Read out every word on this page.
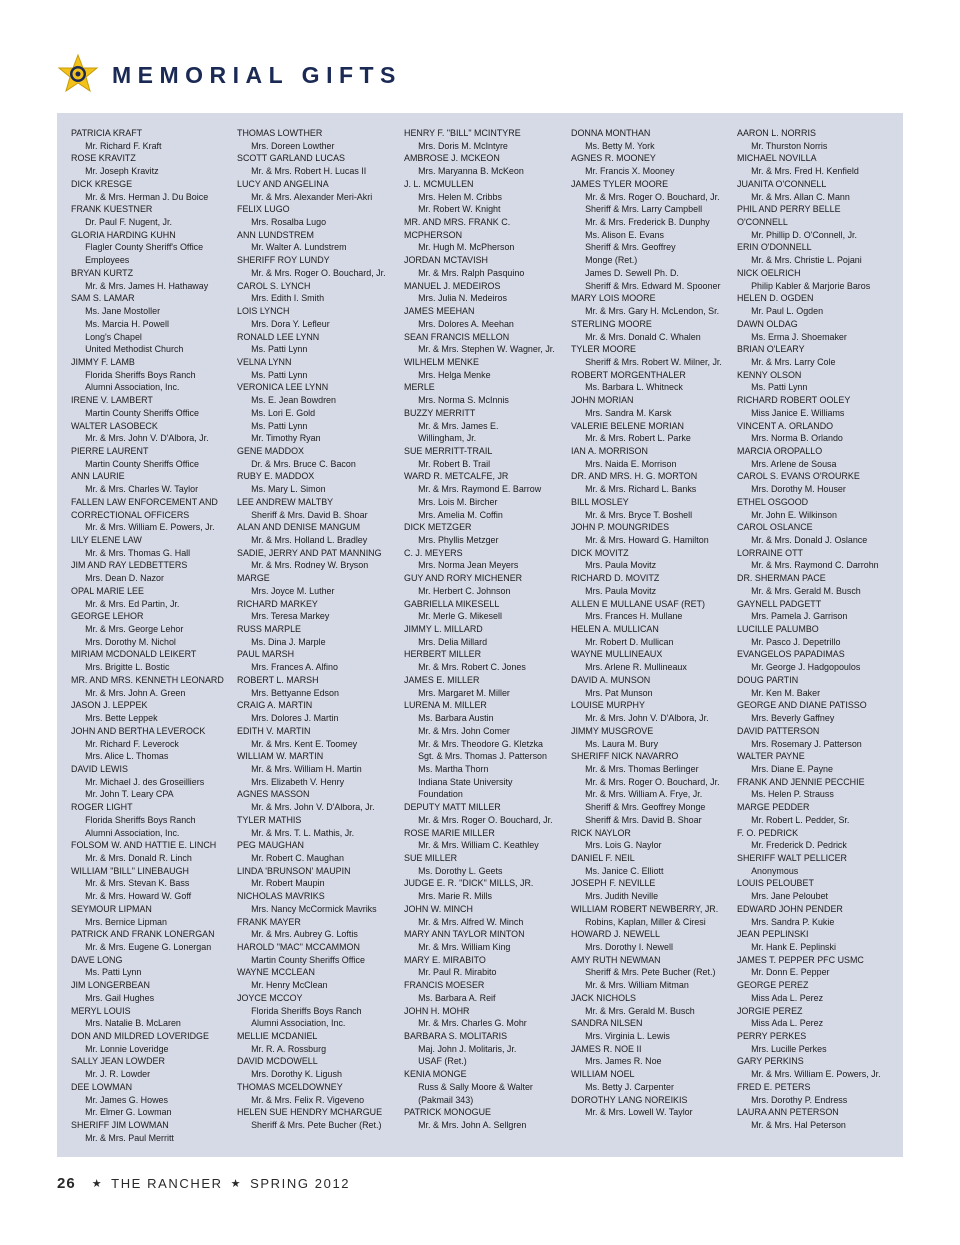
MEMORIAL GIFTS
PATRICIA KRAFT
Mr. Richard F. Kraft
ROSE KRAVITZ
Mr. Joseph Kravitz
DICK KRESGE
Mr. & Mrs. Herman J. Du Boice
FRANK KUESTNER
Dr. Paul F. Nugent, Jr.
GLORIA HARDING KUHN
Flagler County Sheriff's Office
Employees
BRYAN KURTZ
Mr. & Mrs. James H. Hathaway
SAM S. LAMAR
Ms. Jane Mostoller
Ms. Marcia H. Powell
Long's Chapel
United Methodist Church
JIMMY F. LAMB
Florida Sheriffs Boys Ranch
Alumni Association, Inc.
IRENE V. LAMBERT
Martin County Sheriffs Office
WALTER LASOBECK
Mr. & Mrs. John V. D'Albora, Jr.
PIERRE LAURENT
Martin County Sheriffs Office
ANN LAURIE
Mr. & Mrs. Charles W. Taylor
FALLEN LAW ENFORCEMENT AND
CORRECTIONAL OFFICERS
Mr. & Mrs. William E. Powers, Jr.
LILY ELENE LAW
Mr. & Mrs. Thomas G. Hall
JIM AND RAY LEDBETTERS
Mrs. Dean D. Nazor
OPAL MARIE LEE
Mr. & Mrs. Ed Partin, Jr.
GEORGE LEHOR
Mr. & Mrs. George Lehor
Mrs. Dorothy M. Nichol
MIRIAM MCDONALD LEIKERT
Mrs. Brigitte L. Bostic
MR. AND MRS. KENNETH LEONARD
Mr. & Mrs. John A. Green
JASON J. LEPPEK
Mrs. Bette Leppek
JOHN AND BERTHA LEVEROCK
Mr. Richard F. Leverock
Mrs. Alice L. Thomas
DAVID LEWIS
Mr. Michael J. des Groseilliers
Mr. John T. Leary CPA
ROGER LIGHT
Florida Sheriffs Boys Ranch
Alumni Association, Inc.
FOLSOM W. AND HATTIE E. LINCH
Mr. & Mrs. Donald R. Linch
WILLIAM "BILL" LINEBAUGH
Mr. & Mrs. Stevan K. Bass
Mr. & Mrs. Howard W. Goff
SEYMOUR LIPMAN
Mrs. Bernice Lipman
PATRICK AND FRANK LONERGAN
Mr. & Mrs. Eugene G. Lonergan
DAVE LONG
Ms. Patti Lynn
JIM LONGERBEAN
Mrs. Gail Hughes
MERYL LOUIS
Mrs. Natalie B. McLaren
DON AND MILDRED LOVERIDGE
Mr. Lonnie Loveridge
SALLY JEAN LOWDER
Mr. J. R. Lowder
DEE LOWMAN
Mr. James G. Howes
Mr. Elmer G. Lowman
SHERIFF JIM LOWMAN
Mr. & Mrs. Paul Merritt
THOMAS LOWTHER
Mrs. Doreen Lowther
SCOTT GARLAND LUCAS
Mr. & Mrs. Robert H. Lucas II
LUCY AND ANGELINA
Mr. & Mrs. Alexander Meri-Akri
FELIX LUGO
Mrs. Rosalba Lugo
ANN LUNDSTREM
Mr. Walter A. Lundstrem
SHERIFF ROY LUNDY
Mr. & Mrs. Roger O. Bouchard, Jr.
CAROL S. LYNCH
Mrs. Edith I. Smith
LOIS LYNCH
Mrs. Dora Y. Lefleur
RONALD LEE LYNN
Ms. Patti Lynn
VELNA LYNN
Ms. Patti Lynn
VERONICA LEE LYNN
Ms. E. Jean Bowdren
Ms. Lori E. Gold
Ms. Patti Lynn
Mr. Timothy Ryan
GENE MADDOX
Dr. & Mrs. Bruce C. Bacon
RUBY E. MADDOX
Ms. Mary L. Simon
LEE ANDREW MALTBY
Sheriff & Mrs. David B. Shoar
ALAN AND DENISE MANGUM
Mr. & Mrs. Holland L. Bradley
SADIE, JERRY AND PAT MANNING
Mr. & Mrs. Rodney W. Bryson
MARGE
Mrs. Joyce M. Luther
RICHARD MARKEY
Mrs. Teresa Markey
RUSS MARPLE
Ms. Dina J. Marple
PAUL MARSH
Mrs. Frances A. Alfino
ROBERT L. MARSH
Mrs. Bettyanne Edson
CRAIG A. MARTIN
Mrs. Dolores J. Martin
EDITH V. MARTIN
Mr. & Mrs. Kent E. Toomey
WILLIAM W. MARTIN
Mr. & Mrs. William H. Martin
Mrs. Elizabeth V. Henry
AGNES MASSON
Mr. & Mrs. John V. D'Albora, Jr.
TYLER MATHIS
Mr. & Mrs. T. L. Mathis, Jr.
PEG MAUGHAN
Mr. Robert C. Maughan
LINDA 'BRUNSON' MAUPIN
Mr. Robert Maupin
NICHOLAS MAVRIKS
Mrs. Nancy McCormick Mavriks
FRANK MAYER
Mr. & Mrs. Aubrey G. Loftis
HAROLD "MAC" MCCAMMON
Martin County Sheriffs Office
WAYNE MCCLEAN
Mr. Henry McClean
JOYCE MCCOY
Florida Sheriffs Boys Ranch
Alumni Association, Inc.
MELLIE MCDANIEL
Mr. R. A. Rossburg
DAVID MCDOWELL
Mrs. Dorothy K. Ligush
THOMAS MCELDOWNEY
Mr. & Mrs. Felix R. Vigeveno
HELEN SUE HENDRY MCHARGUE
Sheriff & Mrs. Pete Bucher (Ret.)
HENRY F. "BILL" MCINTYRE
Mrs. Doris M. McIntyre
AMBROSE J. MCKEON
Mrs. Maryanna B. McKeon
J. L. MCMULLEN
Mrs. Helen M. Cribbs
Mr. Robert W. Knight
MR. AND MRS. FRANK C.
MCPHERSON
Mr. Hugh M. McPherson
JORDAN MCTAVISH
Mr. & Mrs. Ralph Pasquino
MANUEL J. MEDEIROS
Mrs. Julia N. Medeiros
JAMES MEEHAN
Mrs. Dolores A. Meehan
SEAN FRANCIS MELLON
Mr. & Mrs. Stephen W. Wagner, Jr.
WILHELM MENKE
Mrs. Helga Menke
MERLE
Mrs. Norma S. McInnis
BUZZY MERRITT
Mr. & Mrs. James E.
Willingham, Jr.
SUE MERRITT-TRAIL
Mr. Robert B. Trail
WARD R. METCALFE, JR
Mr. & Mrs. Raymond E. Barrow
Mrs. Lois M. Bircher
Mrs. Amelia M. Coffin
DICK METZGER
Mrs. Phyllis Metzger
C. J. MEYERS
Mrs. Norma Jean Meyers
GUY AND RORY MICHENER
Mr. Herbert C. Johnson
GABRIELLA MIKESELL
Mr. Merle G. Mikesell
JIMMY L. MILLARD
Mrs. Delia Millard
HERBERT MILLER
Mr. & Mrs. Robert C. Jones
JAMES E. MILLER
Mrs. Margaret M. Miller
LURENA M. MILLER
Ms. Barbara Austin
Mr. & Mrs. John Comer
Mr. & Mrs. Theodore G. Kletzka
Sgt. & Mrs. Thomas J. Patterson
Ms. Martha Thorn
Indiana State University
Foundation
DEPUTY MATT MILLER
Mr. & Mrs. Roger O. Bouchard, Jr.
ROSE MARIE MILLER
Mr. & Mrs. William C. Keathley
SUE MILLER
Ms. Dorothy L. Geets
JUDGE E. R. "DICK" MILLS, JR.
Mrs. Marie R. Mills
JOHN W. MINCH
Mr. & Mrs. Alfred W. Minch
MARY ANN TAYLOR MINTON
Mr. & Mrs. William King
MARY E. MIRABITO
Mr. Paul R. Mirabito
FRANCIS MOESER
Ms. Barbara A. Reif
JOHN H. MOHR
Mr. & Mrs. Charles G. Mohr
BARBARA S. MOLITARIS
Maj. John J. Molitaris, Jr.
USAF (Ret.)
KENIA MONGE
Russ & Sally Moore & Walter
(Pakmail 343)
PATRICK MONOGUE
Mr. & Mrs. John A. Sellgren
DONNA MONTHAN
Ms. Betty M. York
AGNES R. MOONEY
Mr. Francis X. Mooney
JAMES TYLER MOORE
Mr. & Mrs. Roger O. Bouchard, Jr.
Sheriff & Mrs. Larry Campbell
Mr. & Mrs. Frederick B. Dunphy
Ms. Alison E. Evans
Sheriff & Mrs. Geoffrey
Monge (Ret.)
James D. Sewell Ph. D.
Sheriff & Mrs. Edward M. Spooner
MARY LOIS MOORE
Mr. & Mrs. Gary H. McLendon, Sr.
STERLING MOORE
Mr. & Mrs. Donald C. Whalen
TYLER MOORE
Sheriff & Mrs. Robert W. Milner, Jr.
ROBERT MORGENTHALER
Ms. Barbara L. Whitneck
JOHN MORIAN
Mrs. Sandra M. Karsk
VALERIE BELENE MORIAN
Mr. & Mrs. Robert L. Parke
IAN A. MORRISON
Mrs. Naida E. Morrison
DR. AND MRS. H. G. MORTON
Mr. & Mrs. Richard L. Banks
BILL MOSLEY
Mr. & Mrs. Bryce T. Boshell
JOHN P. MOUNGRIDES
Mr. & Mrs. Howard G. Hamilton
DICK MOVITZ
Mrs. Paula Movitz
RICHARD D. MOVITZ
Mrs. Paula Movitz
ALLEN E MULLANE USAF (RET)
Mrs. Frances H. Mullane
HELEN A. MULLICAN
Mr. Robert D. Mullican
WAYNE MULLINEAUX
Mrs. Arlene R. Mullineaux
DAVID A. MUNSON
Mrs. Pat Munson
LOUISE MURPHY
Mr. & Mrs. John V. D'Albora, Jr.
JIMMY MUSGROVE
Ms. Laura M. Bury
SHERIFF NICK NAVARRO
Mr. & Mrs. Thomas Berlinger
Mr. & Mrs. Roger O. Bouchard, Jr.
Mr. & Mrs. William A. Frye, Jr.
Sheriff & Mrs. Geoffrey Monge
Sheriff & Mrs. David B. Shoar
RICK NAYLOR
Mrs. Lois G. Naylor
DANIEL F. NEIL
Ms. Janice C. Elliott
JOSEPH F. NEVILLE
Mrs. Judith Neville
WILLIAM ROBERT NEWBERRY, JR.
Robins, Kaplan, Miller & Ciresi
HOWARD J. NEWELL
Mrs. Dorothy I. Newell
AMY RUTH NEWMAN
Sheriff & Mrs. Pete Bucher (Ret.)
Mr. & Mrs. William Mitman
JACK NICHOLS
Mr. & Mrs. Gerald M. Busch
SANDRA NILSEN
Mrs. Virginia L. Lewis
JAMES R. NOE II
Mrs. James R. Noe
WILLIAM NOEL
Ms. Betty J. Carpenter
DOROTHY LANG NOREIKIS
Mr. & Mrs. Lowell W. Taylor
AARON L. NORRIS
Mr. Thurston Norris
MICHAEL NOVILLA
Mr. & Mrs. Fred H. Kenfield
JUANITA O'CONNELL
Mr. & Mrs. Allan C. Mann
PHIL AND PERRY BELLE
O'CONNELL
Mr. Phillip D. O'Connell, Jr.
ERIN O'DONNELL
Mr. & Mrs. Christie L. Pojani
NICK OELRICH
Philip Kabler & Marjorie Baros
HELEN D. OGDEN
Mr. Paul L. Ogden
DAWN OLDAG
Ms. Erma J. Shoemaker
BRIAN O'LEARY
Mr. & Mrs. Larry Cole
KENNY OLSON
Ms. Patti Lynn
RICHARD ROBERT OOLEY
Miss Janice E. Williams
VINCENT A. ORLANDO
Mrs. Norma B. Orlando
MARCIA OROPALLO
Mrs. Arlene de Sousa
CAROL S. EVANS O'ROURKE
Mrs. Dorothy M. Houser
ETHEL OSGOOD
Mr. John E. Wilkinson
CAROL OSLANCE
Mr. & Mrs. Donald J. Oslance
LORRAINE OTT
Mr. & Mrs. Raymond C. Darrohn
DR. SHERMAN PACE
Mr. & Mrs. Gerald M. Busch
GAYNELL PADGETT
Mrs. Pamela J. Garrison
LUCILLE PALUMBO
Mr. Pasco J. Depetrillo
EVANGELOS PAPADIMAS
Mr. George J. Hadgopoulos
DOUG PARTIN
Mr. Ken M. Baker
GEORGE AND DIANE PATISSO
Mrs. Beverly Gaffney
DAVID PATTERSON
Mrs. Rosemary J. Patterson
WALTER PAYNE
Mrs. Diane E. Payne
FRANK AND JENNIE PECCHIE
Ms. Helen P. Strauss
MARGE PEDDER
Mr. Robert L. Pedder, Sr.
F. O. PEDRICK
Mr. Frederick D. Pedrick
SHERIFF WALT PELLICER
Anonymous
LOUIS PELOUBET
Mrs. Jane Peloubet
EDWARD JOHN PENDER
Mrs. Sandra P. Kukie
JEAN PEPLINSKI
Mr. Hank E. Peplinski
JAMES T. PEPPER PFC USMC
Mr. Donn E. Pepper
GEORGE PEREZ
Miss Ada L. Perez
JORGIE PEREZ
Miss Ada L. Perez
PERRY PERKES
Mrs. Lucille Perkes
GARY PERKINS
Mr. & Mrs. William E. Powers, Jr.
FRED E. PETERS
Mrs. Dorothy P. Endress
LAURA ANN PETERSON
Mr. & Mrs. Hal Peterson
26 ★ THE RANCHER ★ SPRING 2012
